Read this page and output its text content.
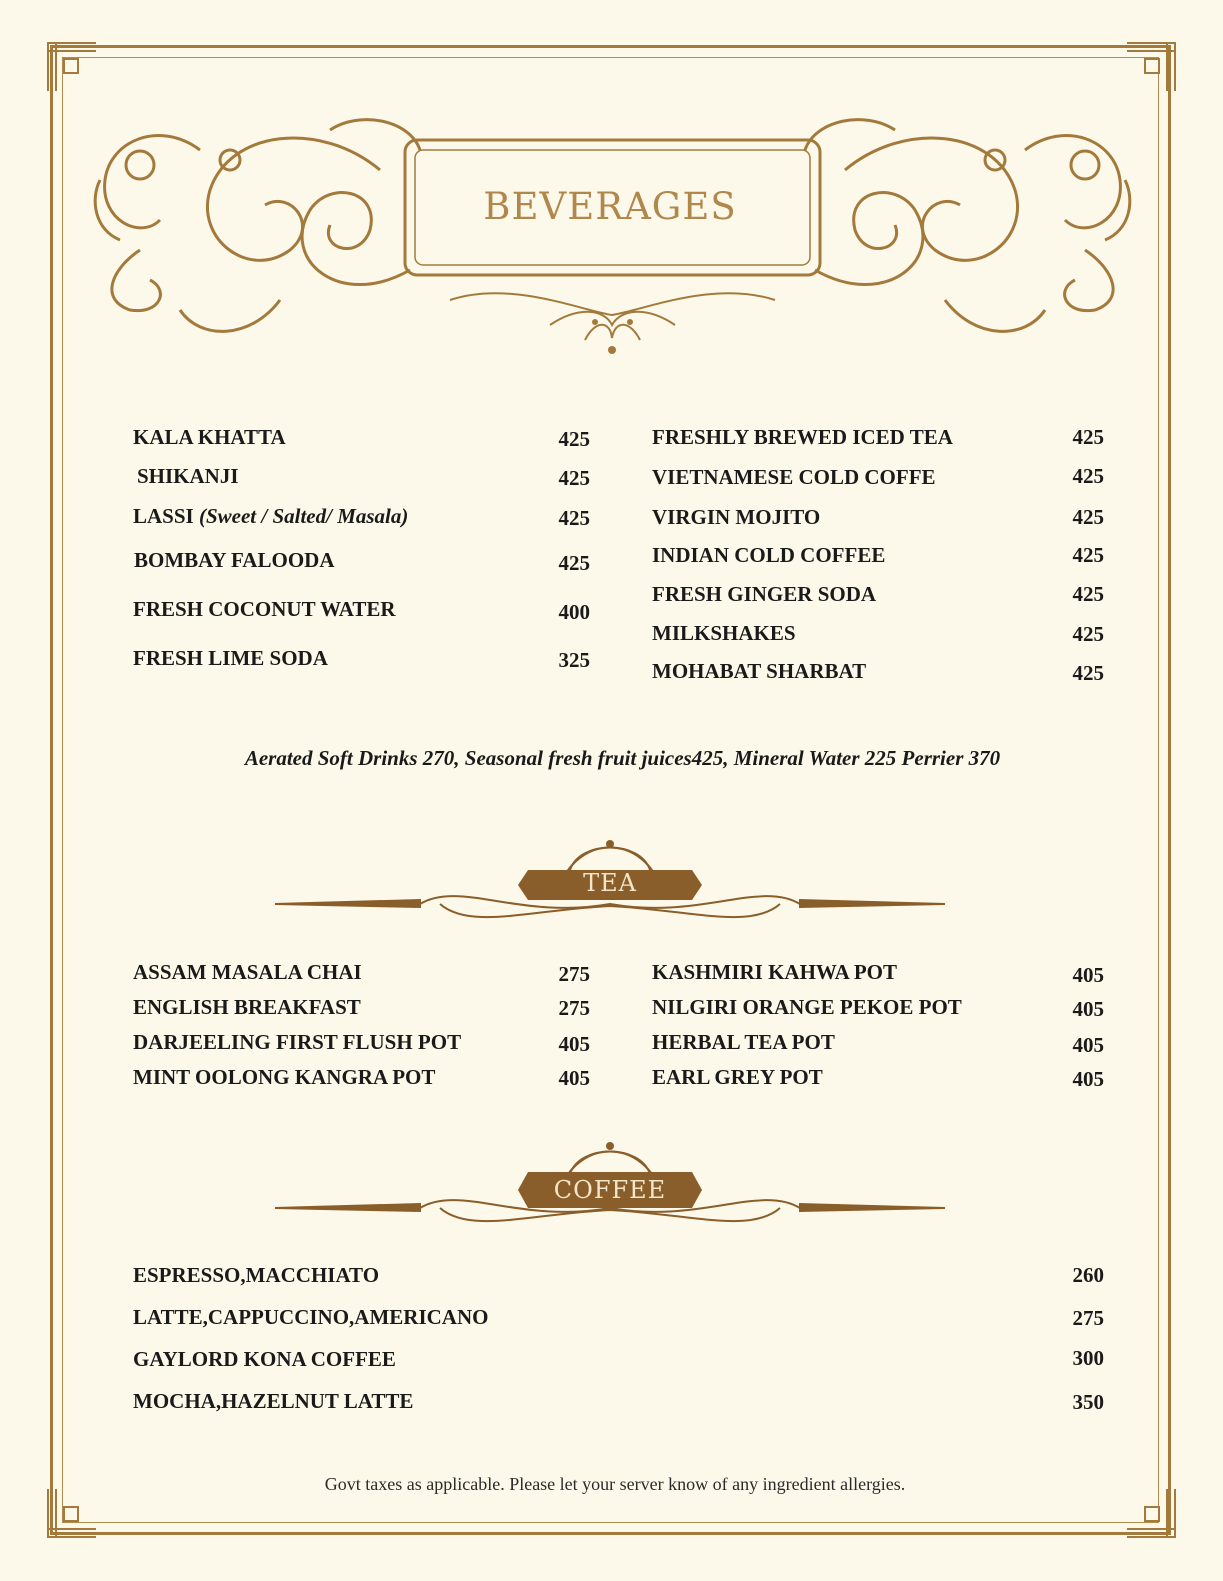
BEVERAGES
KALA KHATTA	425
SHIKANJI	425
LASSI (Sweet / Salted/ Masala)	425
BOMBAY FALOODA	425
FRESH COCONUT WATER	400
FRESH LIME SODA	325
FRESHLY BREWED ICED TEA	425
VIETNAMESE COLD COFFE	425
VIRGIN MOJITO	425
INDIAN COLD COFFEE	425
FRESH GINGER SODA	425
MILKSHAKES	425
MOHABAT SHARBAT	425
Aerated Soft Drinks 270, Seasonal fresh fruit juices425, Mineral Water 225 Perrier 370
TEA
ASSAM MASALA CHAI	275
ENGLISH BREAKFAST	275
DARJEELING FIRST FLUSH POT	405
MINT OOLONG KANGRA POT	405
KASHMIRI KAHWA POT	405
NILGIRI ORANGE PEKOE POT	405
HERBAL TEA POT	405
EARL GREY POT	405
COFFEE
ESPRESSO,MACCHIATO	260
LATTE,CAPPUCCINO,AMERICANO	275
GAYLORD KONA COFFEE	300
MOCHA,HAZELNUT LATTE	350
Govt taxes as applicable. Please let your server know of any ingredient allergies.
